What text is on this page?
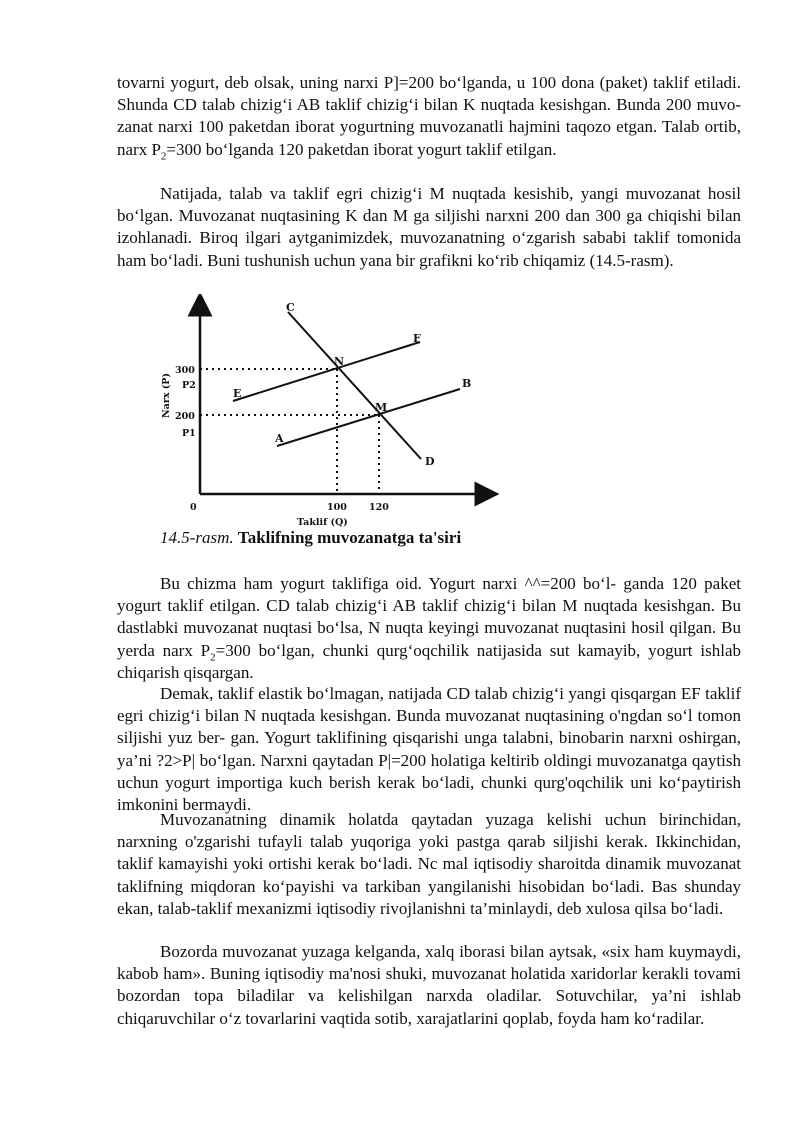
tovarni yogurt, deb olsak, uning narxi P]=200 bo‘lganda, u 100 dona (paket) taklif etiladi. Shunda CD talab chizig‘i AB taklif chizig‘i bilan K nuqtada kesishgan. Bunda 200 muvo- zanat narxi 100 paketdan iborat yogurtning muvozanatli hajmini taqozo etgan. Talab ortib, narx $P_2=300$ bo‘lganda 120 paketdan iborat yogurt taklif etilgan.

Natijada, talab va taklif egri chizig‘i M nuqtada kesishib, yangi muvozanat hosil bo‘lgan. Muvozanat nuqtasining K dan M ga siljishi narxni 200 dan 300 ga chiqishi bilan izohlanadi. Biroq ilgari aytganimizdek, muvozanatning o‘zgarish sababi taklif tomonida ham bo‘ladi. Buni tushunish uchun yana bir grafikni ko‘rib chiqamiz (14.5-rasm).

C
F
B
E
A
D
N
M
300
P2
200
P1
Narx (P)
0	100 120
Taklif (Q)
14.5-rasm. Taklifning muvozanatga ta'siri

Bu chizma ham yogurt taklifiga oid. Yogurt narxi ^^=200 bo‘l- ganda 120 paket yogurt taklif etilgan. CD talab chizig‘i AB taklif chizig‘i bilan M nuqtada kesishgan. Bu dastlabki muvozanat nuqtasi bo‘lsa, N nuqta keyingi muvozanat nuqtasini hosil qilgan. Bu yerda narx $P_2=300$ bo‘lgan, chunki qurg‘oqchilik natijasida sut kamayib, yogurt ishlab chiqarish qisqargan.

Demak, taklif elastik bo‘lmagan, natijada CD talab chizig‘i yangi qisqargan EF taklif egri chizig‘i bilan N nuqtada kesishgan. Bunda muvozanat nuqtasining o'ngdan so‘l tomon siljishi yuz ber- gan. Yogurt taklifining qisqarishi unga talabni, binobarin narxni oshirgan, ya’ni ?2>P| bo‘lgan. Narxni qaytadan P|=200 holatiga keltirib oldingi muvozanatga qaytish uchun yogurt importiga kuch berish kerak bo‘ladi, chunki qurg'oqchilik uni ko‘paytirish imkonini bermaydi.

Muvozanatning dinamik holatda qaytadan yuzaga kelishi uchun birinchidan, narxning o'zgarishi tufayli talab yuqoriga yoki pastga qarab siljishi kerak. Ikkinchidan, taklif kamayishi yoki ortishi kerak bo‘ladi. Nc mal iqtisodiy sharoitda dinamik muvozanat taklifning miqdoran ko‘payishi va tarkiban yangilanishi hisobidan bo‘ladi. Bas shunday ekan, talab-taklif mexanizmi iqtisodiy rivojlanishni ta’minlaydi, deb xulosa qilsa bo‘ladi.

Bozorda muvozanat yuzaga kelganda, xalq iborasi bilan aytsak, «six ham kuymaydi, kabob ham». Buning iqtisodiy ma'nosi shuki, muvozanat holatida xaridorlar kerakli tovami bozordan topa biladilar va kelishilgan narxda oladilar. Sotuvchilar, ya’ni ishlab chiqaruvchilar o‘z tovarlarini vaqtida sotib, xarajatlarini qoplab, foyda ham ko‘radilar.
